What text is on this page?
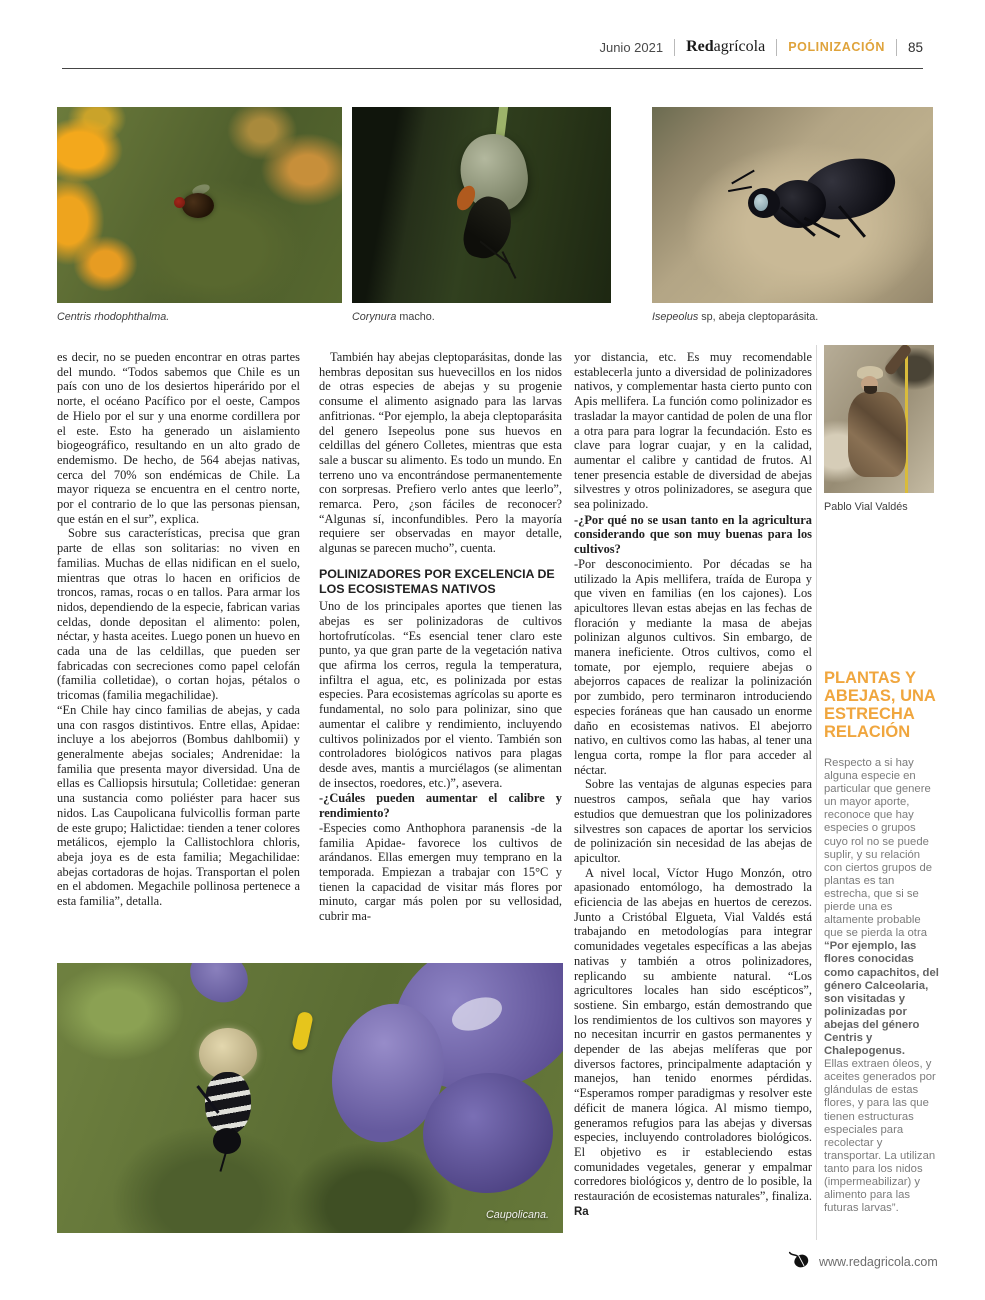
Junio 2021 Redagrícola POLINIZACIÓN 85
Centris rhodophthalma.	Corynura macho.	Isepeolus sp, abeja cleptoparásita.

es decir, no se pueden encontrar en otras partes del mundo. “Todos sabemos que Chile es un país con uno de los desiertos hiperárido por el norte, el océano Pacífico por el oeste, Campos de Hielo por el sur y una enorme cordillera por el este. Esto ha generado un aislamiento biogeográfico, resultando en un alto grado de endemismo. De hecho, de 564 abejas nativas, cerca del 70% son endémicas de Chile. La mayor riqueza se encuentra en el centro norte, por el contrario de lo que las personas piensan, que están en el sur”, explica.

Sobre sus características, precisa que gran parte de ellas son solitarias: no viven en familias. Muchas de ellas nidifican en el suelo, mientras que otras lo hacen en orificios de troncos, ramas, rocas o en tallos. Para armar los nidos, dependiendo de la especie, fabrican varias celdas, donde depositan el alimento: polen, néctar, y hasta aceites. Luego ponen un huevo en cada una de las celdillas, que pueden ser fabricadas con secreciones como papel celofán (familia colletidae), o cortan hojas, pétalos o tricomas (familia megachilidae).

“En Chile hay cinco familias de abejas, y cada una con rasgos distintivos. Entre ellas, Apidae: incluye a los abejorros (Bombus dahlbomii) y generalmente abejas sociales; Andrenidae: la familia que presenta mayor diversidad. Una de ellas es Calliopsis hirsutula; Colletidae: generan una sustancia como poliéster para hacer sus nidos. Las Caupolicana fulvicollis forman parte de este grupo; Halictidae: tienden a tener colores metálicos, ejemplo la Callistochlora chloris, abeja joya es de esta familia; Megachilidae: abejas cortadoras de hojas. Transportan el polen en el abdomen. Megachile pollinosa pertenece a esta familia”, detalla.

También hay abejas cleptoparásitas, donde las hembras depositan sus huevecillos en los nidos de otras especies de abejas y su progenie consume el alimento asignado para las larvas anfitrionas. “Por ejemplo, la abeja cleptoparásita del genero Isepeolus pone sus huevos en celdillas del género Colletes, mientras que esta sale a buscar su alimento. Es todo un mundo. En terreno uno va encontrándose permanentemente con sorpresas. Prefiero verlo antes que leerlo”, remarca. Pero, ¿son fáciles de reconocer? “Algunas sí, inconfundibles. Pero la mayoría requiere ser observadas en mayor detalle, algunas se parecen mucho”, cuenta.

POLINIZADORES POR EXCELENCIA DE LOS ECOSISTEMAS NATIVOS

Uno de los principales aportes que tienen las abejas es ser polinizadoras de cultivos hortofrutícolas. “Es esencial tener claro este punto, ya que gran parte de la vegetación nativa que afirma los cerros, regula la temperatura, infiltra el agua, etc, es polinizada por estas especies. Para ecosistemas agrícolas su aporte es fundamental, no solo para polinizar, sino que aumentar el calibre y rendimiento, incluyendo cultivos polinizados por el viento. También son controladores biológicos nativos para plagas desde aves, mantis a murciélagos (se alimentan de insectos, roedores, etc.)”, asevera.

-¿Cuáles pueden aumentar el calibre y rendimiento?

-Especies como Anthophora paranensis -de la familia Apidae- favorece los cultivos de arándanos. Ellas emergen muy temprano en la temporada. Empiezan a trabajar con 15°C y tienen la capacidad de visitar más flores por minuto, cargar más polen por su vellosidad, cubrir ma-

yor distancia, etc. Es muy recomendable establecerla junto a diversidad de polinizadores nativos, y complementar hasta cierto punto con Apis mellifera. La función como polinizador es trasladar la mayor cantidad de polen de una flor a otra para para lograr la fecundación. Esto es clave para lograr cuajar, y en la calidad, aumentar el calibre y cantidad de frutos. Al tener presencia estable de diversidad de abejas silvestres y otros polinizadores, se asegura que sea polinizado.

-¿Por qué no se usan tanto en la agricultura considerando que son muy buenas para los cultivos?

-Por desconocimiento. Por décadas se ha utilizado la Apis mellifera, traída de Europa y que viven en familias (en los cajones). Los apicultores llevan estas abejas en las fechas de floración y mediante la masa de abejas polinizan algunos cultivos. Sin embargo, de manera ineficiente. Otros cultivos, como el tomate, por ejemplo, requiere abejas o abejorros capaces de realizar la polinización por zumbido, pero terminaron introduciendo especies foráneas que han causado un enorme daño en ecosistemas nativos. El abejorro nativo, en cultivos como las habas, al tener una lengua corta, rompe la flor para acceder al néctar.

Sobre las ventajas de algunas especies para nuestros campos, señala que hay varios estudios que demuestran que los polinizadores silvestres son capaces de aportar los servicios de polinización sin necesidad de las abejas de apicultor.

A nivel local, Víctor Hugo Monzón, otro apasionado entomólogo, ha demostrado la eficiencia de las abejas en huertos de cerezos. Junto a Cristóbal Elgueta, Vial Valdés está trabajando en metodologías para integrar comunidades vegetales específicas a las abejas nativas y también a otros polinizadores, replicando su ambiente natural. “Los agricultores locales han sido escépticos”, sostiene. Sin embargo, están demostrando que los rendimientos de los cultivos son mayores y no necesitan incurrir en gastos permanentes y depender de las abejas melíferas que por diversos factores, principalmente adaptación y manejos, han tenido enormes pérdidas. “Esperamos romper paradigmas y resolver este déficit de manera lógica. Al mismo tiempo, generamos refugios para las abejas y diversas especies, incluyendo controladores biológicos. El objetivo es ir estableciendo estas comunidades vegetales, generar y empalmar corredores biológicos y, dentro de lo posible, la restauración de ecosistemas naturales”, finaliza. Ra

Pablo Vial Valdés
PLANTAS Y ABEJAS, UNA ESTRECHA RELACIÓN

Respecto a si hay alguna especie en particular que genere un mayor aporte, reconoce que hay especies o grupos cuyo rol no se puede suplir, y su relación con ciertos grupos de plantas es tan estrecha, que si se pierde una es altamente probable que se pierda la otra

“Por ejemplo, las flores conocidas como capachitos, del género Calceolaria, son visitadas y polinizadas por abejas del género Centris y Chalepogenus.

Ellas extraen óleos, y aceites generados por glándulas de estas flores, y para las que tienen estructuras especiales para recolectar y transportar. La utilizan tanto para los nidos (impermeabilizar) y alimento para las futuras larvas”.

Caupolicana.
www.redagricola.com
